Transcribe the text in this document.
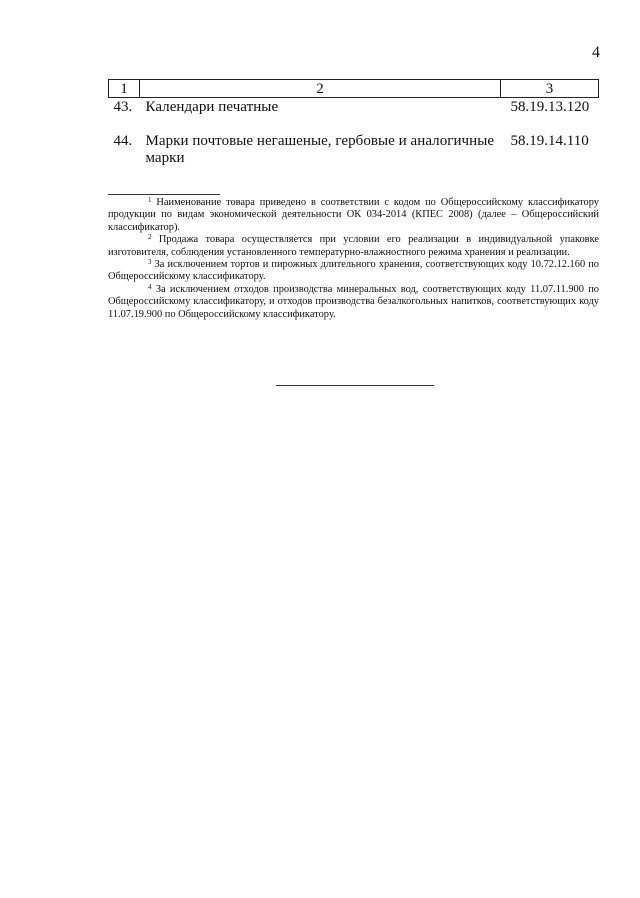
4
1	2	3
43.	Календари печатные	58.19.13.120
44.	Марки почтовые негашеные, гербовые и аналогичные марки	58.19.14.110

$^1$ Наименование товара приведено в соответствии с кодом по Общероссийскому классификатору продукции по видам экономической деятельности ОК 034-2014 (КПЕС 2008) (далее – Общероссийский классификатор).

$^2$ Продажа товара осуществляется при условии его реализации в индивидуальной упаковке изготовителя, соблюдения установленного температурно-влажностного режима хранения и реализации.

$^3$ За исключением тортов и пирожных длительного хранения, соответствующих коду 10.72.12.160 по Общероссийскому классификатору.

$^4$ За исключением отходов производства минеральных вод, соответствующих коду 11.07.11.900 по Общероссийскому классификатору, и отходов производства безалкогольных напитков, соответствующих коду 11.07.19.900 по Общероссийскому классификатору.
